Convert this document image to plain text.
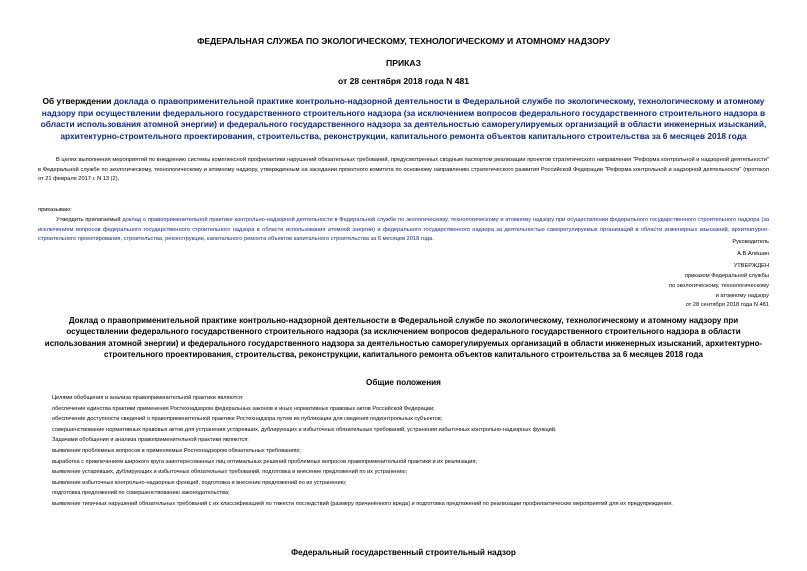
ФЕДЕРАЛЬНАЯ СЛУЖБА ПО ЭКОЛОГИЧЕСКОМУ, ТЕХНОЛОГИЧЕСКОМУ И АТОМНОМУ НАДЗОРУ
ПРИКАЗ
от 28 сентября 2018 года N 481
Об утверждении доклада о правоприменительной практике контрольно-надзорной деятельности в Федеральной службе по экологическому, технологическому и атомному надзору при осуществлении федерального государственного строительного надзора (за исключением вопросов федерального государственного строительного надзора в области использования атомной энергии) и федерального государственного надзора за деятельностью саморегулируемых организаций в области инженерных изысканий, архитектурно-строительного проектирования, строительства, реконструкции, капитального ремонта объектов капитального строительства за 6 месяцев 2018 года
В целях выполнения мероприятий по внедрению системы комплексной профилактики нарушений обязательных требований, предусмотренных сводным паспортом реализации проектов стратегического направления "Реформа контрольной и надзорной деятельности" в Федеральной службе по экологическому, технологическому и атомному надзору, утвержденным на заседании проектного комитета по основному направлению стратегического развития Российской Федерации "Реформа контрольной и надзорной деятельности" (протокол от 21 февраля 2017 г. N 13 (2),
приказываю:
Утвердить прилагаемый доклад о правоприменительной практике контрольно-надзорной деятельности в Федеральной службе по экологическому, технологическому и атомному надзору при осуществлении федерального государственного строительного надзора (за исключением вопросов федерального государственного строительного надзора в области использования атомной энергии) и федерального государственного надзора за деятельностью саморегулируемых организаций в области инженерных изысканий, архитектурно-строительного проектирования, строительства, реконструкции, капитального ремонта объектов капитального строительства за 6 месяцев 2018 года.	Руководитель
А.В.Алёшин
УТВЕРЖДЕН
приказом Федеральной службы
по экологическому, технологическому
и атомному надзору
от 28 сентября 2018 года N 481
Доклад о правоприменительной практике контрольно-надзорной деятельности в Федеральной службе по экологическому, технологическому и атомному надзору при осуществлении федерального государственного строительного надзора (за исключением вопросов федерального государственного строительного надзора в области использования атомной энергии) и федерального государственного надзора за деятельностью саморегулируемых организаций в области инженерных изысканий, архитектурно-строительного проектирования, строительства, реконструкции, капитального ремонта объектов капитального строительства за 6 месяцев 2018 года
Общие положения
Целями обобщения и анализа правоприменительной практики являются:
обеспечение единства практики применения Ростехнадзором федеральных законов и иных нормативных правовых актов Российской Федерации;
обеспечение доступности сведений о правоприменительной практике Ростехнадзора путем их публикации для сведения подконтрольных субъектов;
совершенствование нормативных правовых актов для устранения устаревших, дублирующих и избыточных обязательных требований, устранения избыточных контрольно-надзорных функций.
Задачами обобщения и анализа правоприменительной практики являются:
выявление проблемных вопросов в применяемых Ростехнадзором обязательных требованиях;
выработка с привлечением широкого круга заинтересованных лиц оптимальных решений проблемных вопросов правоприменительной практики и их реализация;
выявление устаревших, дублирующих и избыточных обязательных требований, подготовка и внесение предложений по их устранению;
выявление избыточных контрольно-надзорных функций, подготовка и внесение предложений по их устранению;
подготовка предложений по совершенствованию законодательства;
выявление типичных нарушений обязательных требований с их классификацией по тяжести последствий (размеру причинённого вреда) и подготовка предложений по реализации профилактических мероприятий для их предупреждения.
Федеральный государственный строительный надзор
